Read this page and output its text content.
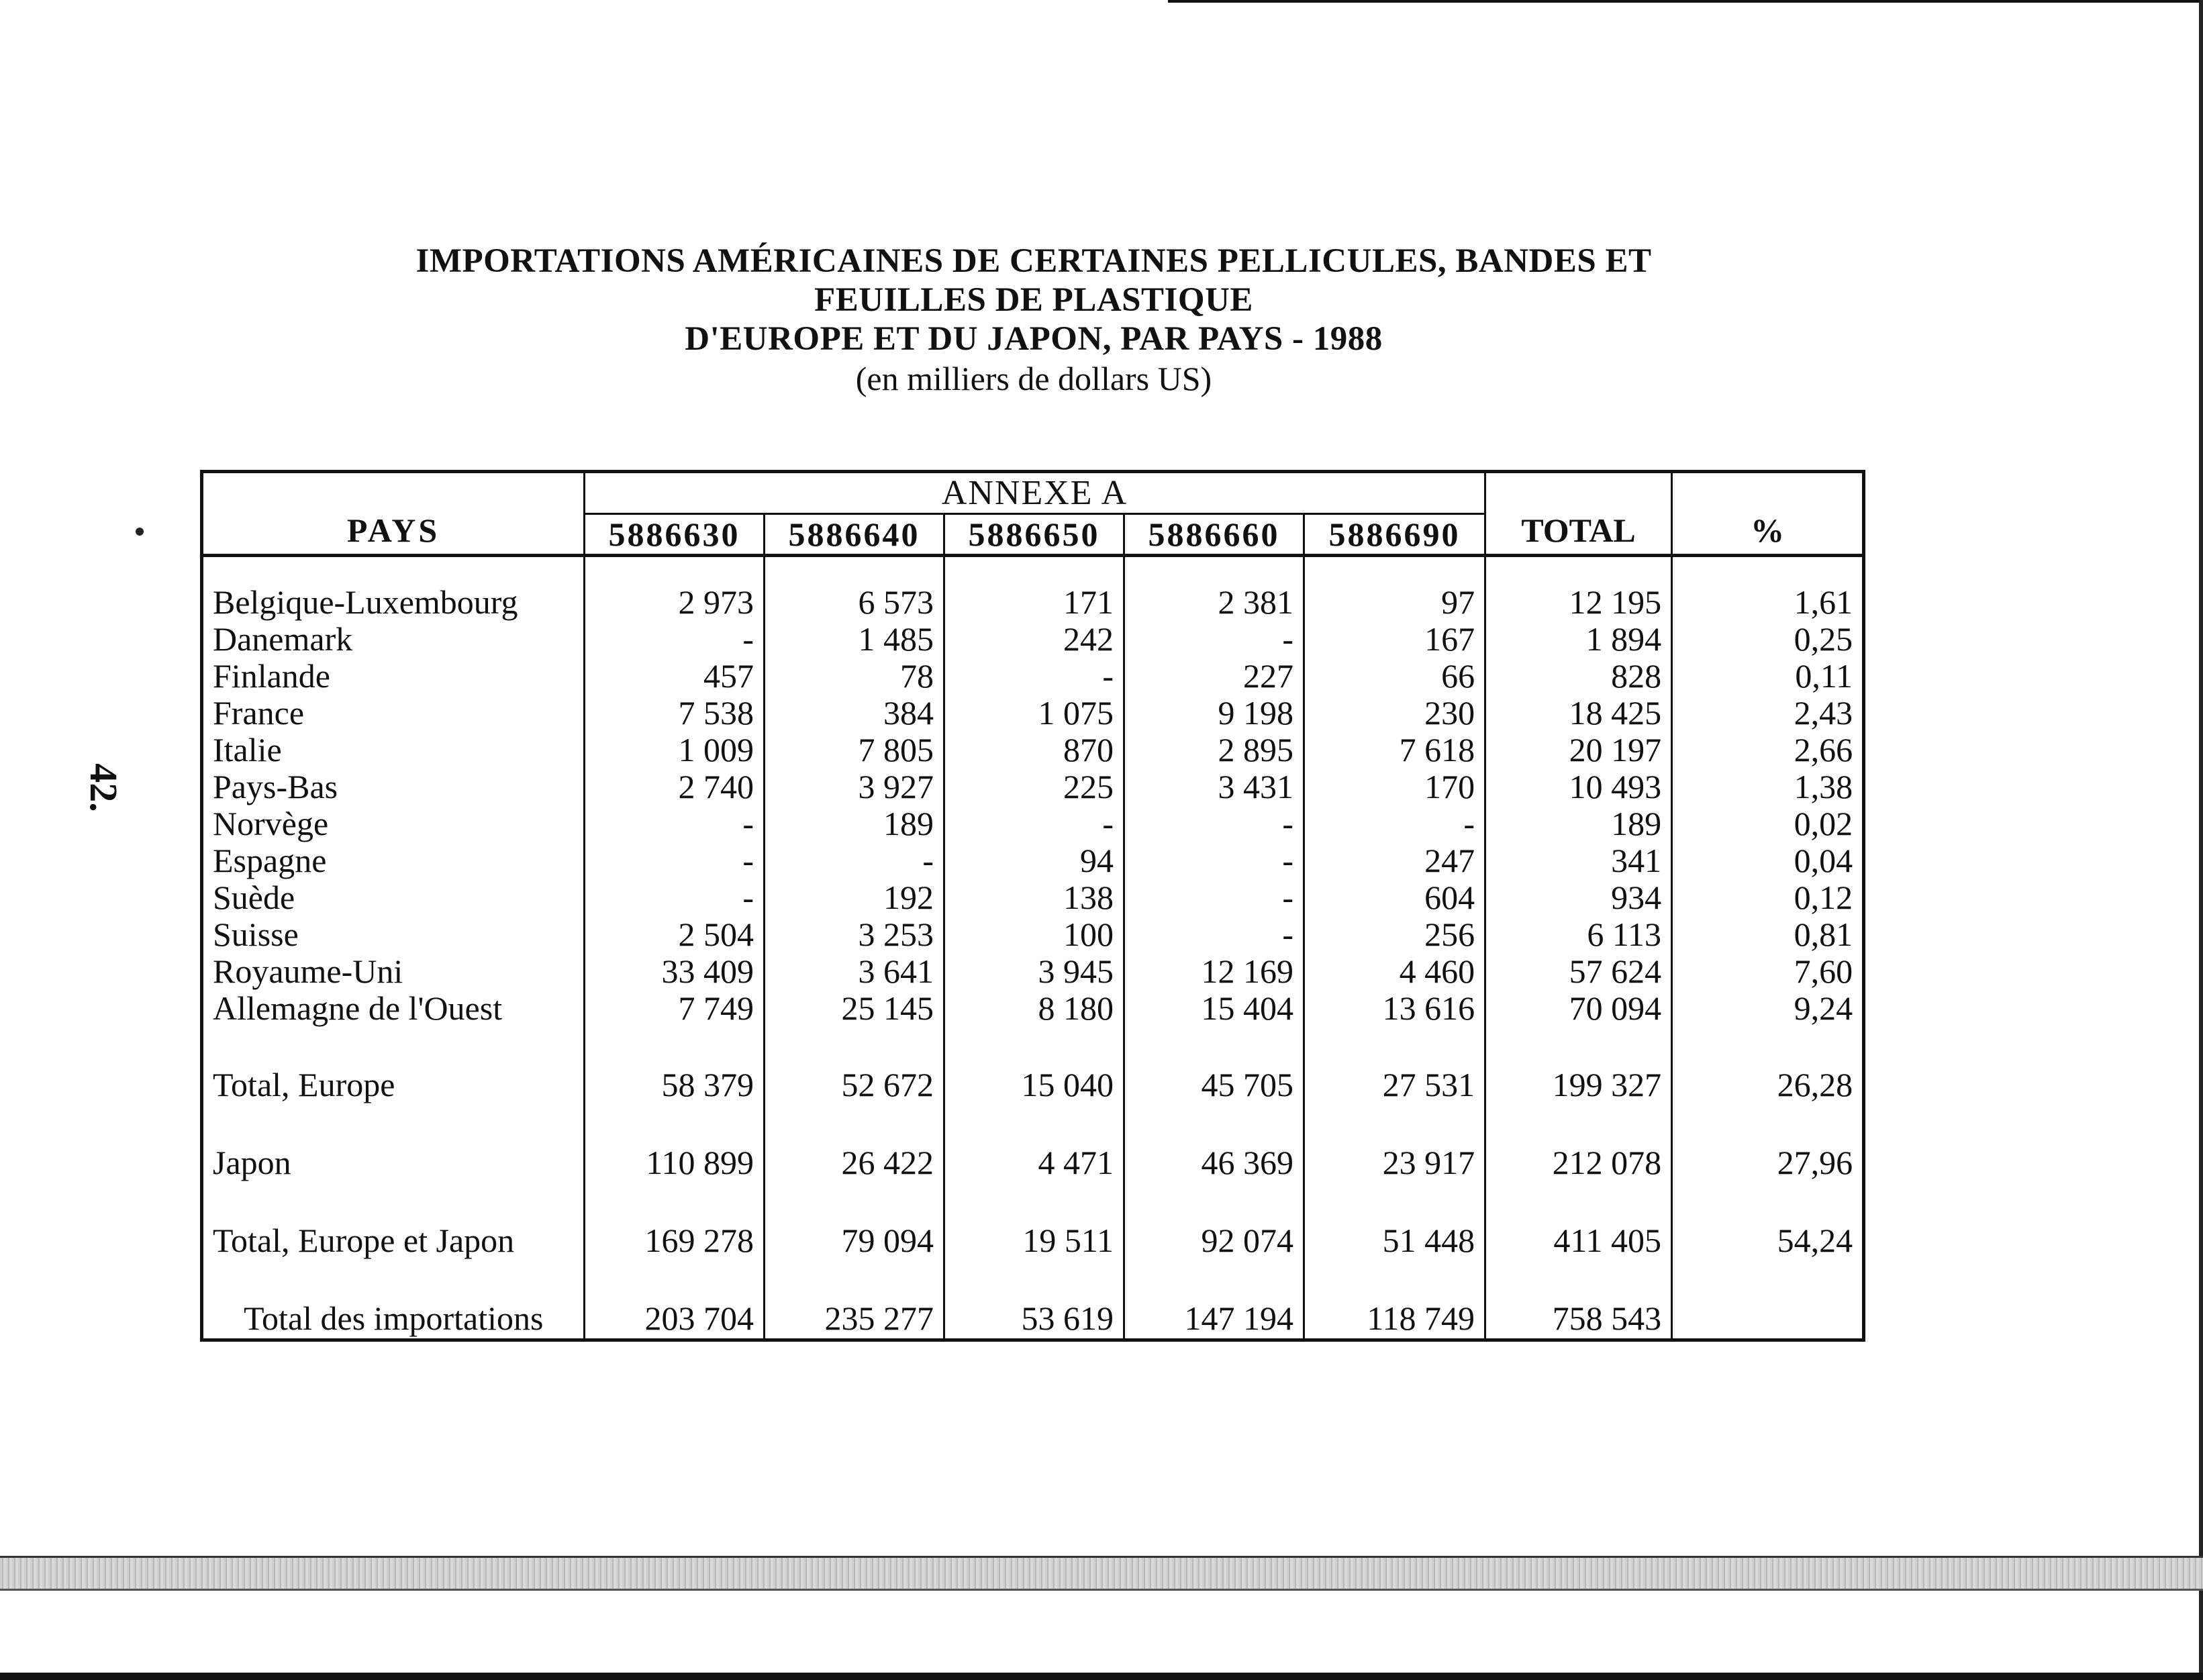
42.
IMPORTATIONS AMÉRICAINES DE CERTAINES PELLICULES, BANDES ET
FEUILLES DE PLASTIQUE
D'EUROPE ET DU JAPON, PAR PAYS - 1988
(en milliers de dollars US)
PAYS	ANNEXE A					TOTAL	%
	5886630	5886640	5886650	5886660	5886690		

Belgique-Luxembourg	2 973	6 573	171	2 381	97	12 195	1,61
Danemark	-	1 485	242	-	167	1 894	0,25
Finlande	457	78	-	227	66	828	0,11
France	7 538	384	1 075	9 198	230	18 425	2,43
Italie	1 009	7 805	870	2 895	7 618	20 197	2,66
Pays-Bas	2 740	3 927	225	3 431	170	10 493	1,38
Norvège	-	189	-	-	-	189	0,02
Espagne	-	-	94	-	247	341	0,04
Suède	-	192	138	-	604	934	0,12
Suisse	2 504	3 253	100	-	256	6 113	0,81
Royaume-Uni	33 409	3 641	3 945	12 169	4 460	57 624	7,60
Allemagne de l'Ouest	7 749	25 145	8 180	15 404	13 616	70 094	9,24

Total, Europe	58 379	52 672	15 040	45 705	27 531	199 327	26,28

Japon	110 899	26 422	4 471	46 369	23 917	212 078	27,96

Total, Europe et Japon	169 278	79 094	19 511	92 074	51 448	411 405	54,24

Total des importations	203 704	235 277	53 619	147 194	118 749	758 543	
